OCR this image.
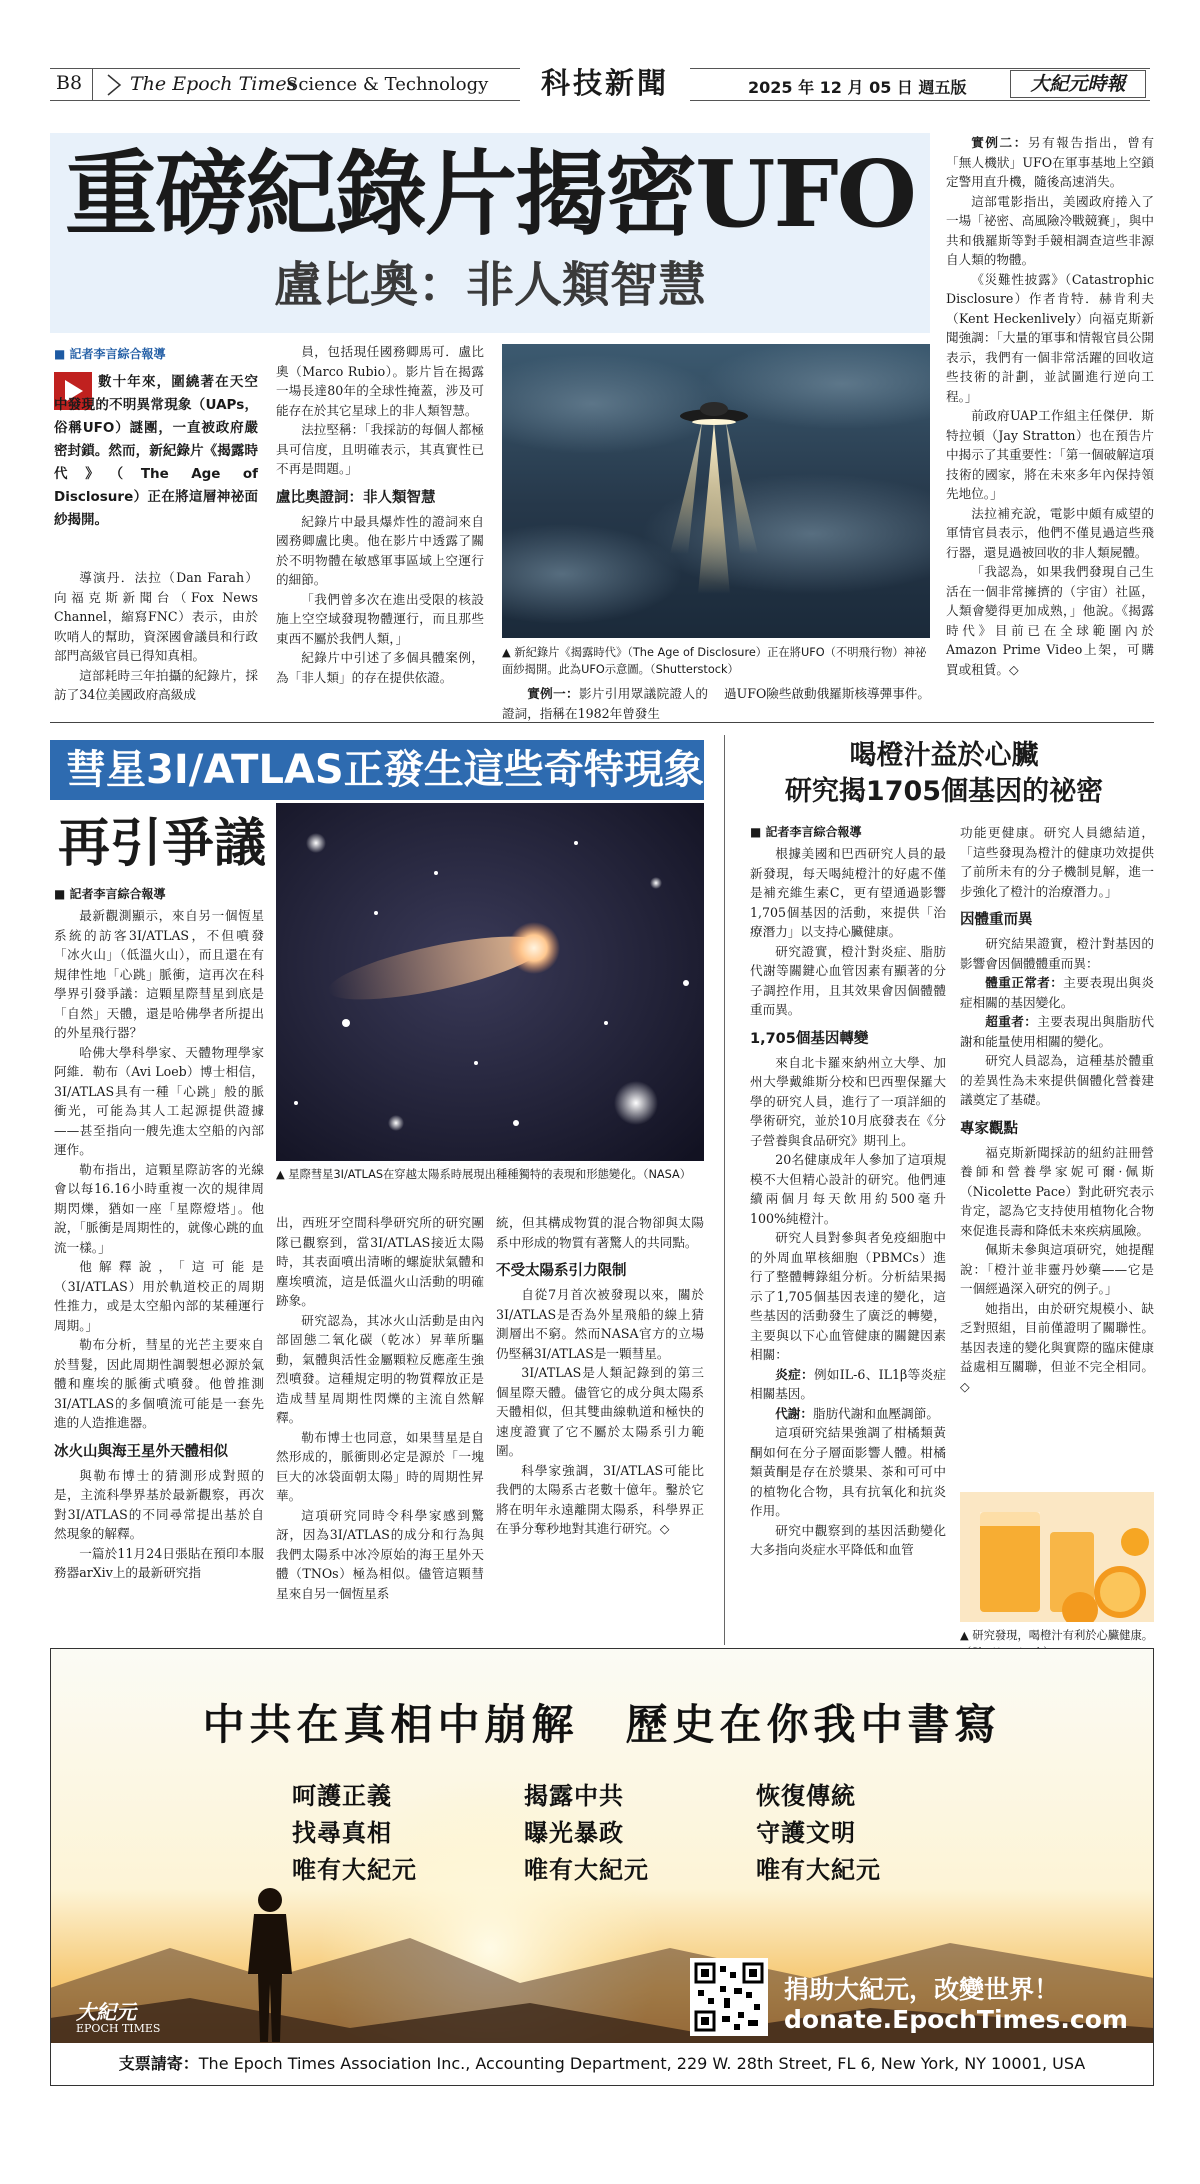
B8	The Epoch Times
Science & Technology	科技新聞	2025 年 12 月 05 日 週五版	大紀元時報
重磅紀錄片揭密UFO
盧比奧：非人類智慧
■ 記者李言綜合報導
數十年來，圍繞著在天空中發現的不明異常現象（UAPs，俗稱UFO）謎團，一直被政府嚴密封鎖。然而，新紀錄片《揭露時代》（The Age of Disclosure）正在將這層神祕面紗揭開。

導演丹．法拉（Dan Farah）向福克斯新聞台（Fox News Channel，縮寫FNC）表示，由於吹哨人的幫助，資深國會議員和行政部門高級官員已得知真相。

這部耗時三年拍攝的紀錄片，採訪了34位美國政府高級成

員，包括現任國務卿馬可．盧比奧（Marco Rubio）。影片旨在揭露一場長達80年的全球性掩蓋，涉及可能存在於其它星球上的非人類智慧。

法拉堅稱：「我採訪的每個人都極具可信度，且明確表示，其真實性已不再是問題。」

盧比奧證詞：非人類智慧

紀錄片中最具爆炸性的證詞來自國務卿盧比奧。他在影片中透露了關於不明物體在敏感軍事區域上空運行的細節。

「我們曾多次在進出受限的核設施上空空域發現物體運行，而且那些東西不屬於我們人類，」

紀錄片中引述了多個具體案例，為「非人類」的存在提供依證。

▲ 新紀錄片《揭露時代》（The Age of Disclosure）正在將UFO（不明飛行物）神祕面紗揭開。此為UFO示意圖。（Shutterstock）

實例一：影片引用眾議院證人的證詞，指稱在1982年曾發生

過UFO險些啟動俄羅斯核導彈事件。

實例二：另有報告指出，曾有「無人機狀」UFO在軍事基地上空鎖定警用直升機，隨後高速消失。

這部電影指出，美國政府捲入了一場「祕密、高風險冷戰競賽」，與中共和俄羅斯等對手競相調查這些非源自人類的物體。

《災難性披露》（Catastrophic Disclosure）作者肯特．赫肯利夫（Kent Heckenlively）向福克斯新聞強調：「大量的軍事和情報官員公開表示，我們有一個非常活躍的回收這些技術的計劃，並試圖進行逆向工程。」

前政府UAP工作組主任傑伊．斯特拉頓（Jay Stratton）也在預告片中揭示了其重要性：「第一個破解這項技術的國家，將在未來多年內保持領先地位。」

法拉補充說，電影中頗有威望的軍情官員表示，他們不僅見過這些飛行器，還見過被回收的非人類屍體。

「我認為，如果我們發現自己生活在一個非常擁擠的（宇宙）社區，人類會變得更加成熟，」他說。《揭露時代》目前已在全球範圍內於Amazon Prime Video上架，可購買或租賃。◇

彗星3I/ATLAS正發生這些奇特現象
再引爭議
■ 記者李言綜合報導

最新觀測顯示，來自另一個恆星系統的訪客3I/ATLAS，不但噴發「冰火山」（低溫火山），而且還在有規律性地「心跳」脈衝，這再次在科學界引發爭議：這顆星際彗星到底是「自然」天體，還是哈佛學者所提出的外星飛行器？

哈佛大學科學家、天體物理學家阿維．勒布（Avi Loeb）博士相信，3I/ATLAS具有一種「心跳」般的脈衝光，可能為其人工起源提供證據——甚至指向一艘先進太空船的內部運作。

勒布指出，這顆星際訪客的光線會以每16.16小時重複一次的規律周期閃爍，猶如一座「星際燈塔」。他說，「脈衝是周期性的，就像心跳的血流一樣。」

他解釋說，「這可能是（3I/ATLAS）用於軌道校正的周期性推力，或是太空船內部的某種運行周期。」

勒布分析，彗星的光芒主要來自於彗髮，因此周期性調製想必源於氣體和塵埃的脈衝式噴發。他曾推測3I/ATLAS的多個噴流可能是一套先進的人造推進器。

冰火山與海王星外天體相似

與勒布博士的猜測形成對照的是，主流科學界基於最新觀察，再次對3I/ATLAS的不同尋常提出基於自然現象的解釋。

一篇於11月24日張貼在預印本服務器arXiv上的最新研究指

▲ 星際彗星3I/ATLAS在穿越太陽系時展現出種種獨特的表現和形態變化。（NASA）

出，西班牙空間科學研究所的研究團隊已觀察到，當3I/ATLAS接近太陽時，其表面噴出清晰的螺旋狀氣體和塵埃噴流，這是低溫火山活動的明確跡象。

研究認為，其冰火山活動是由內部固態二氧化碳（乾冰）昇華所驅動，氣體與活性金屬顆粒反應產生強烈噴發。這種規定明的物質釋放正是造成彗星周期性閃爍的主流自然解釋。

勒布博士也同意，如果彗星是自然形成的，脈衝則必定是源於「一塊巨大的冰袋面朝太陽」時的周期性昇華。

這項研究同時令科學家感到驚訝，因為3I/ATLAS的成分和行為與我們太陽系中冰冷原始的海王星外天體（TNOs）極為相似。儘管這顆彗星來自另一個恆星系

統，但其構成物質的混合物卻與太陽系中形成的物質有著驚人的共同點。

不受太陽系引力限制

自從7月首次被發現以來，關於3I/ATLAS是否為外星飛船的線上猜測層出不窮。然而NASA官方的立場仍堅稱3I/ATLAS是一顆彗星。

3I/ATLAS是人類記錄到的第三個星際天體。儘管它的成分與太陽系天體相似，但其雙曲線軌道和極快的速度證實了它不屬於太陽系引力範圍。

科學家強調，3I/ATLAS可能比我們的太陽系古老數十億年。鑿於它將在明年永遠離開太陽系，科學界正在爭分奪秒地對其進行研究。◇

喝橙汁益於心臟
研究揭1705個基因的祕密
■ 記者李言綜合報導

根據美國和巴西研究人員的最新發現，每天喝純橙汁的好處不僅是補充維生素C，更有望通過影響1,705個基因的活動，來提供「治療潛力」以支持心臟健康。

研究證實，橙汁對炎症、脂肪代謝等關鍵心血管因素有顯著的分子調控作用，且其效果會因個體體重而異。

1,705個基因轉變

來自北卡羅來納州立大學、加州大學戴維斯分校和巴西聖保羅大學的研究人員，進行了一項詳細的學術研究，並於10月底發表在《分子營養與食品研究》期刊上。

20名健康成年人參加了這項規模不大但精心設計的研究。他們連續兩個月每天飲用約500毫升100%純橙汁。

研究人員對參與者免疫細胞中的外周血單核細胞（PBMCs）進行了整體轉錄組分析。分析結果揭示了1,705個基因表達的變化，這些基因的活動發生了廣泛的轉變，主要與以下心血管健康的關鍵因素相關：

炎症：例如IL-6、IL1β等炎症相關基因。

代謝：脂肪代謝和血壓調節。

這項研究結果強調了柑橘類黃酮如何在分子層面影響人體。柑橘類黃酮是存在於漿果、茶和可可中的植物化合物，具有抗氧化和抗炎作用。

研究中觀察到的基因活動變化大多指向炎症水平降低和血管

功能更健康。研究人員總結道，「這些發現為橙汁的健康功效提供了前所未有的分子機制見解，進一步強化了橙汁的治療潛力。」

因體重而異

研究結果證實，橙汁對基因的影響會因個體體重而異：

體重正常者：主要表現出與炎症相關的基因變化。

超重者：主要表現出與脂肪代謝和能量使用相關的變化。

研究人員認為，這種基於體重的差異性為未來提供個體化營養建議奠定了基礎。

專家觀點

福克斯新聞採訪的紐約註冊營養師和營養學家妮可爾·佩斯（Nicolette Pace）對此研究表示肯定，認為它支持使用植物化合物來促進長壽和降低未來疾病風險。

佩斯未參與這項研究，她提醒說：「橙汁並非靈丹妙藥——它是一個經過深入研究的例子。」

她指出，由於研究規模小、缺乏對照組，目前僅證明了關聯性。基因表達的變化與實際的臨床健康益處相互關聯，但並不完全相同。◇

▲ 研究發現，喝橙汁有利於心臟健康。
中共在真相中崩解　歷史在你我中書寫
呵護正義
找尋真相
唯有大紀元
揭露中共
曝光暴政
唯有大紀元
恢復傳統
守護文明
唯有大紀元
大紀元
EPOCH TIMES
捐助大紀元，改變世界！
donate.EpochTimes.com
支票請寄：The Epoch Times Association Inc., Accounting Department, 229 W. 28th Street, FL 6, New York, NY 10001, USA
